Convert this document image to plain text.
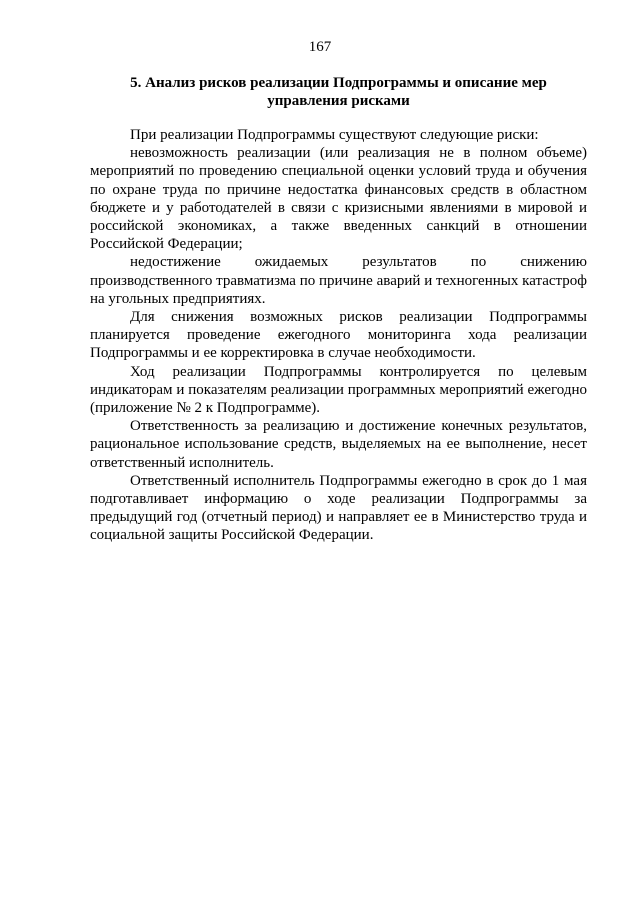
167
5. Анализ рисков реализации Подпрограммы и описание мер управления рисками

При реализации Подпрограммы существуют следующие риски:

невозможность реализации (или реализация не в полном объеме) мероприятий по проведению специальной оценки условий труда и обучения по охране труда по причине недостатка финансовых средств в областном бюджете и у работодателей в связи с кризисными явлениями в мировой и российской экономиках, а также введенных санкций в отношении Российской Федерации;

недостижение ожидаемых результатов по снижению производственного травматизма по причине аварий и техногенных катастроф на угольных предприятиях.

Для снижения возможных рисков реализации Подпрограммы планируется проведение ежегодного мониторинга хода реализации Подпрограммы и ее корректировка в случае необходимости.

Ход реализации Подпрограммы контролируется по целевым индикаторам и показателям реализации программных мероприятий ежегодно (приложение № 2 к Подпрограмме).

Ответственность за реализацию и достижение конечных результатов, рациональное использование средств, выделяемых на ее выполнение, несет ответственный исполнитель.

Ответственный исполнитель Подпрограммы ежегодно в срок до 1 мая подготавливает информацию о ходе реализации Подпрограммы за предыдущий год (отчетный период) и направляет ее в Министерство труда и социальной защиты Российской Федерации.
